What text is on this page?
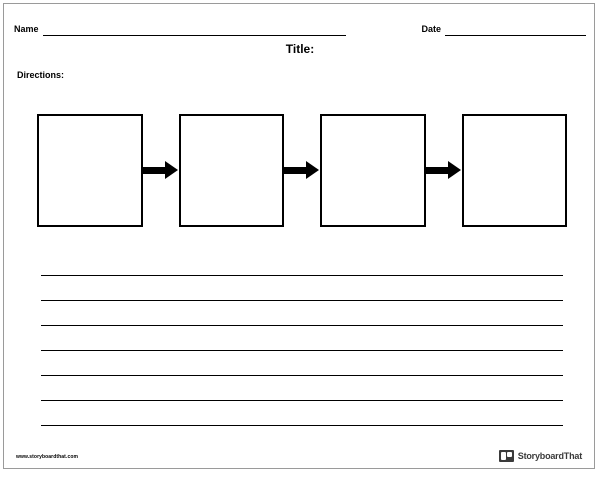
Name	Date
Title:
Directions:
www.storyboardthat.com	StoryboardThat
